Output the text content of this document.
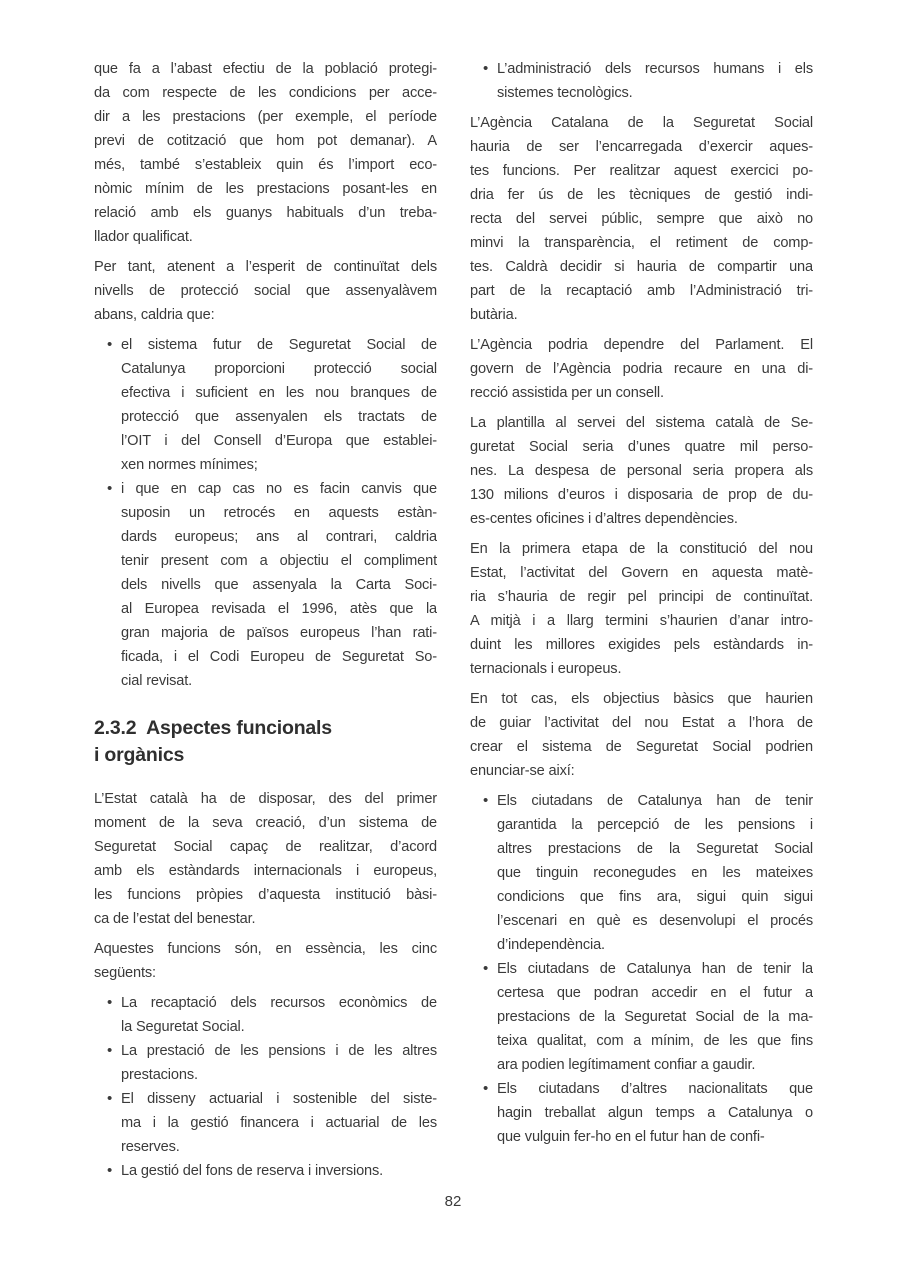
que fa a l’abast efectiu de la població protegi-
da com respecte de les condicions per acce-
dir a les prestacions (per exemple, el període
previ de cotització que hom pot demanar). A
més, també s’estableix quin és l’import eco-
nòmic mínim de les prestacions posant-les en
relació amb els guanys habituals d’un treba-
llador qualificat.

Per tant, atenent a l’esperit de continuïtat dels
nivells de protecció social que assenyalàvem
abans, caldria que:

• el sistema futur de Seguretat Social de
Catalunya proporcioni protecció social
efectiva i suficient en les nou branques de
protecció que assenyalen els tractats de
l’OIT i del Consell d’Europa que establei-
xen normes mínimes;
• i que en cap cas no es facin canvis que
suposin un retrocés en aquests estàn-
dards europeus; ans al contrari, caldria
tenir present com a objectiu el compliment
dels nivells que assenyala la Carta Soci-
al Europea revisada el 1996, atès que la
gran majoria de països europeus l’han rati-
ficada, i el Codi Europeu de Seguretat So-
cial revisat.
2.3.2  Aspectes funcionals
i orgànics

L’Estat català ha de disposar, des del primer
moment de la seva creació, d’un sistema de
Seguretat Social capaç de realitzar, d’acord
amb els estàndards internacionals i europeus,
les funcions pròpies d’aquesta institució bàsi-
ca de l’estat del benestar.

Aquestes funcions són, en essència, les cinc
següents:

• La recaptació dels recursos econòmics de
la Seguretat Social.
• La prestació de les pensions i de les altres
prestacions.
• El disseny actuarial i sostenible del siste-
ma i la gestió financera i actuarial de les
reserves.
• La gestió del fons de reserva i inversions.
• L’administració dels recursos humans i els
sistemes tecnològics.

L’Agència Catalana de la Seguretat Social
hauria de ser l’encarregada d’exercir aques-
tes funcions. Per realitzar aquest exercici po-
dria fer ús de les tècniques de gestió indi-
recta del servei públic, sempre que això no
minvi la transparència, el retiment de comp-
tes. Caldrà decidir si hauria de compartir una
part de la recaptació amb l’Administració tri-
butària.

L’Agència podria dependre del Parlament. El
govern de l’Agència podria recaure en una di-
recció assistida per un consell.

La plantilla al servei del sistema català de Se-
guretat Social seria d’unes quatre mil perso-
nes. La despesa de personal seria propera als
130 milions d’euros i disposaria de prop de du-
es-centes oficines i d’altres dependències.

En la primera etapa de la constitució del nou
Estat, l’activitat del Govern en aquesta matè-
ria s’hauria de regir pel principi de continuïtat.
A mitjà i a llarg termini s’haurien d’anar intro-
duint les millores exigides pels estàndards in-
ternacionals i europeus.

En tot cas, els objectius bàsics que haurien
de guiar l’activitat del nou Estat a l’hora de
crear el sistema de Seguretat Social podrien
enunciar-se així:

• Els ciutadans de Catalunya han de tenir
garantida la percepció de les pensions i
altres prestacions de la Seguretat Social
que tinguin reconegudes en les mateixes
condicions que fins ara, sigui quin sigui
l’escenari en què es desenvolupi el procés
d’independència.
• Els ciutadans de Catalunya han de tenir la
certesa que podran accedir en el futur a
prestacions de la Seguretat Social de la ma-
teixa qualitat, com a mínim, de les que fins
ara podien legítimament confiar a gaudir.
• Els ciutadans d’altres nacionalitats que
hagin treballat algun temps a Catalunya o
que vulguin fer-ho en el futur han de confi-
82
